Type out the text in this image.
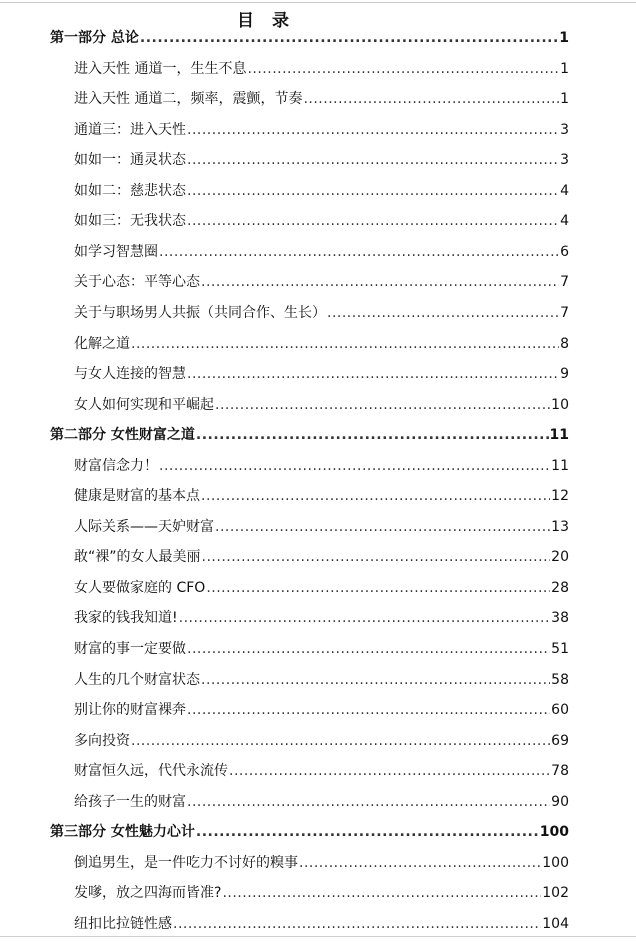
目 录
第一部分 总论 .....	1
进入天性 通道一，生生不息 .....	1
进入天性 通道二，频率，震颤，节奏 .....	1
通道三：进入天性 .....	3
如如一：通灵状态 .....	3
如如二：慈悲状态 .....	4
如如三：无我状态 .....	4
如学习智慧圈 .....	6
关于心态：平等心态 .....	7
关于与职场男人共振（共同合作、生长） .....	7
化解之道 .....	8
与女人连接的智慧 .....	9
女人如何实现和平崛起 .....	10
第二部分 女性财富之道 .....	11
财富信念力！ .....	11
健康是财富的基本点 .....	12
人际关系——天妒财富 .....	13
敢“裸”的女人最美丽 .....	20
女人要做家庭的 CFO .....	28
我家的钱我知道! .....	38
财富的事一定要做 .....	51
人生的几个财富状态 .....	58
别让你的财富裸奔 .....	60
多向投资 .....	69
财富恒久远，代代永流传 .....	78
给孩子一生的财富 .....	90
第三部分 女性魅力心计 .....	100
倒追男生，是一件吃力不讨好的糗事 .....	100
发嗲，放之四海而皆准? .....	102
纽扣比拉链性感 .....	104
